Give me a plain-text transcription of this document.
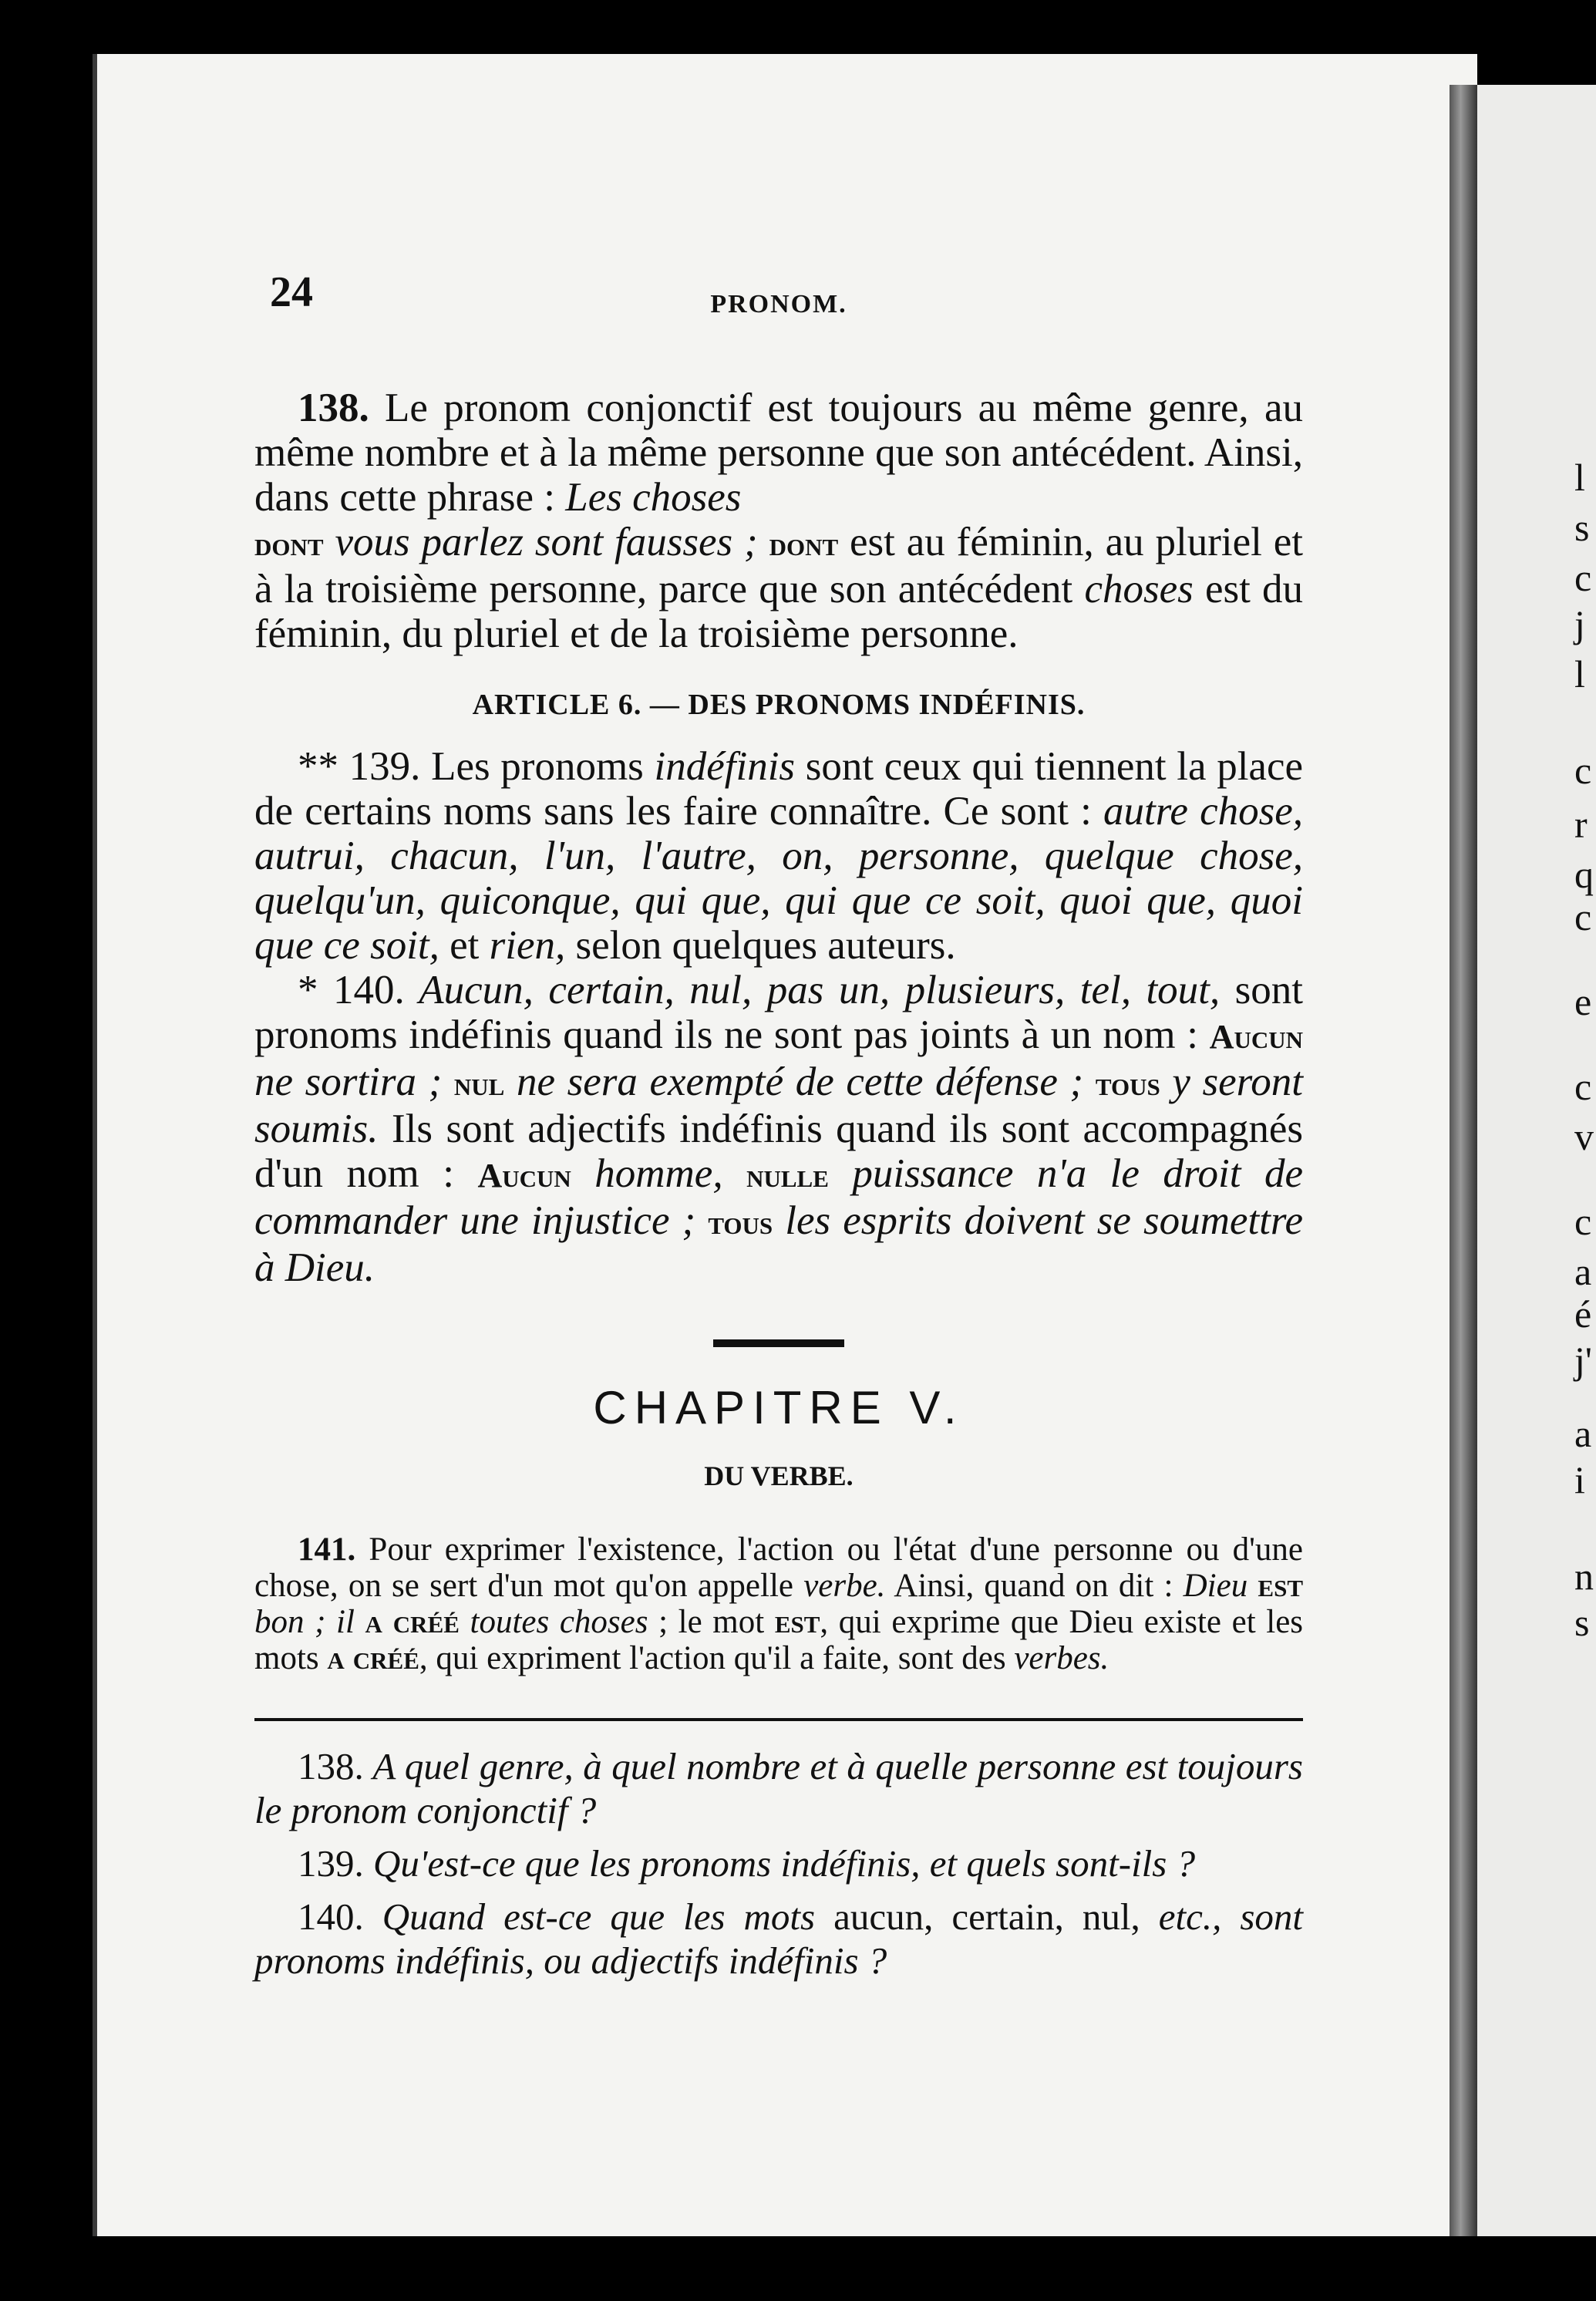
l
s
c
j
l
c
r
q
c
e
c
v
c
a
é
j'
a
i
n
s
24	PRONOM.

138. Le pronom conjonctif est toujours au même genre, au même nombre et à la même personne que son antécédent. Ainsi, dans cette phrase : Les choses
dont vous parlez sont fausses ; dont est au féminin, au pluriel et à la troisième personne, parce que son antécédent choses est du féminin, du pluriel et de la troisième personne.

ARTICLE 6. — DES PRONOMS INDÉFINIS.

** 139. Les pronoms indéfinis sont ceux qui tiennent la place de certains noms sans les faire connaître. Ce sont : autre chose, autrui, chacun, l'un, l'autre, on, personne, quelque chose, quelqu'un, quiconque, qui que, qui que ce soit, quoi que, quoi que ce soit, et rien, selon quelques auteurs.

* 140. Aucun, certain, nul, pas un, plusieurs, tel, tout, sont pronoms indéfinis quand ils ne sont pas joints à un nom : Aucun ne sortira ; nul ne sera exempté de cette défense ; tous y seront soumis. Ils sont adjectifs indéfinis quand ils sont accompagnés d'un nom : Aucun homme, nulle puissance n'a le droit de commander une injustice ; tous les esprits doivent se soumettre à Dieu.

CHAPITRE V.
DU VERBE.

141. Pour exprimer l'existence, l'action ou l'état d'une personne ou d'une chose, on se sert d'un mot qu'on appelle verbe. Ainsi, quand on dit : Dieu est bon ; il a créé toutes choses ; le mot est, qui exprime que Dieu existe et les mots a créé, qui expriment l'action qu'il a faite, sont des verbes.

138. A quel genre, à quel nombre et à quelle personne est toujours le pronom conjonctif ?

139. Qu'est-ce que les pronoms indéfinis, et quels sont-ils ?

140. Quand est-ce que les mots aucun, certain, nul, etc., sont pronoms indéfinis, ou adjectifs indéfinis ?
